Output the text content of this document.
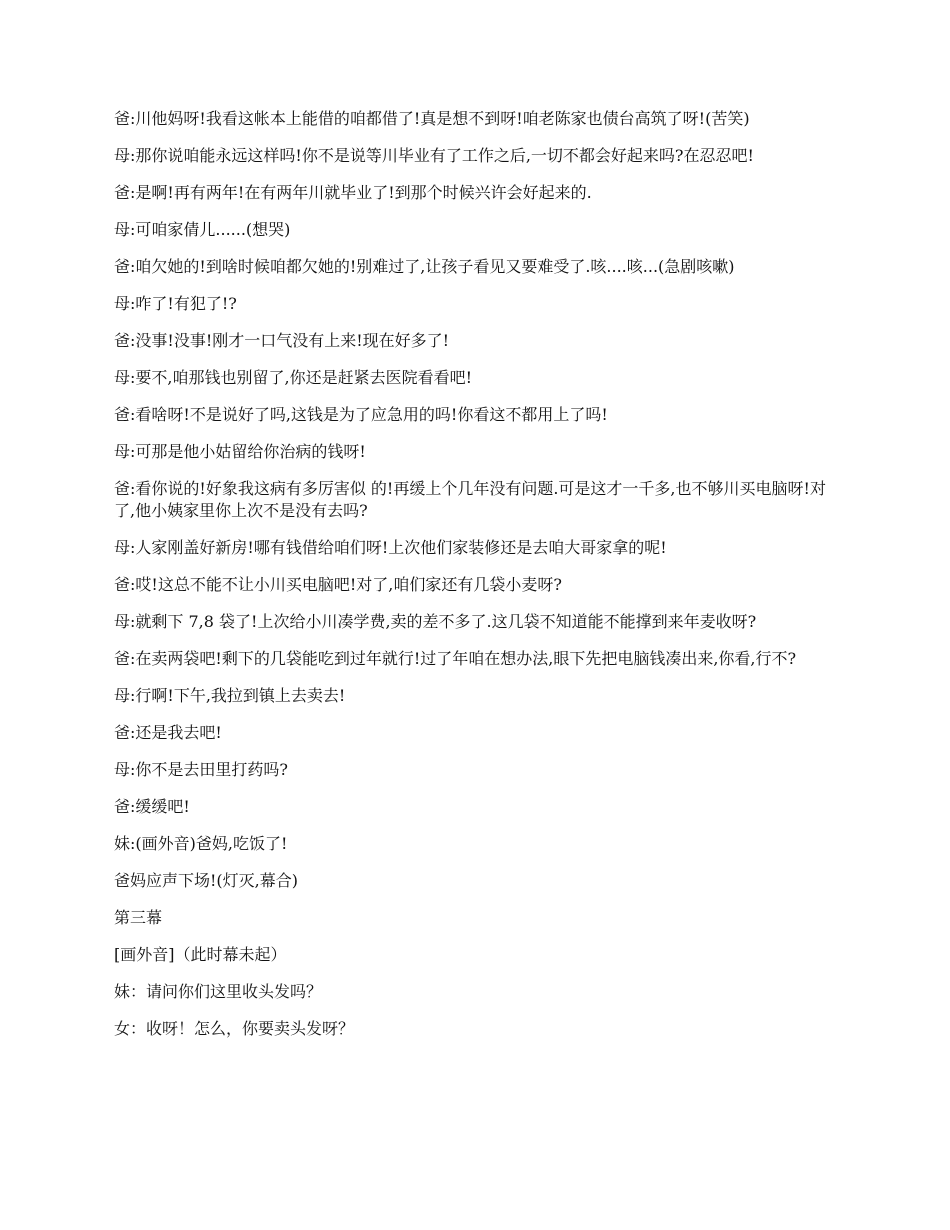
爸:川他妈呀!我看这帐本上能借的咱都借了!真是想不到呀!咱老陈家也债台高筑了呀!(苦笑)

母:那你说咱能永远这样吗!你不是说等川毕业有了工作之后,一切不都会好起来吗?在忍忍吧!

爸:是啊!再有两年!在有两年川就毕业了!到那个时候兴许会好起来的.

母:可咱家倩儿......(想哭)

爸:咱欠她的!到啥时候咱都欠她的!别难过了,让孩子看见又要难受了.咳....咳...(急剧咳嗽)

母:咋了!有犯了!?

爸:没事!没事!刚才一口气没有上来!现在好多了!

母:要不,咱那钱也别留了,你还是赶紧去医院看看吧!

爸:看啥呀!不是说好了吗,这钱是为了应急用的吗!你看这不都用上了吗!

母:可那是他小姑留给你治病的钱呀!

爸:看你说的!好象我这病有多厉害似 的!再缓上个几年没有问题.可是这才一千多,也不够川买电脑呀!对了,他小姨家里你上次不是没有去吗?

母:人家刚盖好新房!哪有钱借给咱们呀!上次他们家装修还是去咱大哥家拿的呢!

爸:哎!这总不能不让小川买电脑吧!对了,咱们家还有几袋小麦呀?

母:就剩下 7,8 袋了!上次给小川凑学费,卖的差不多了.这几袋不知道能不能撑到来年麦收呀?

爸:在卖两袋吧!剩下的几袋能吃到过年就行!过了年咱在想办法,眼下先把电脑钱凑出来,你看,行不?

母:行啊!下午,我拉到镇上去卖去!

爸:还是我去吧!

母:你不是去田里打药吗?

爸:缓缓吧!

妹:(画外音)爸妈,吃饭了!

爸妈应声下场!(灯灭,幕合)

第三幕

[画外音]（此时幕未起）

妹：请问你们这里收头发吗？

女：收呀！怎么，你要卖头发呀？
